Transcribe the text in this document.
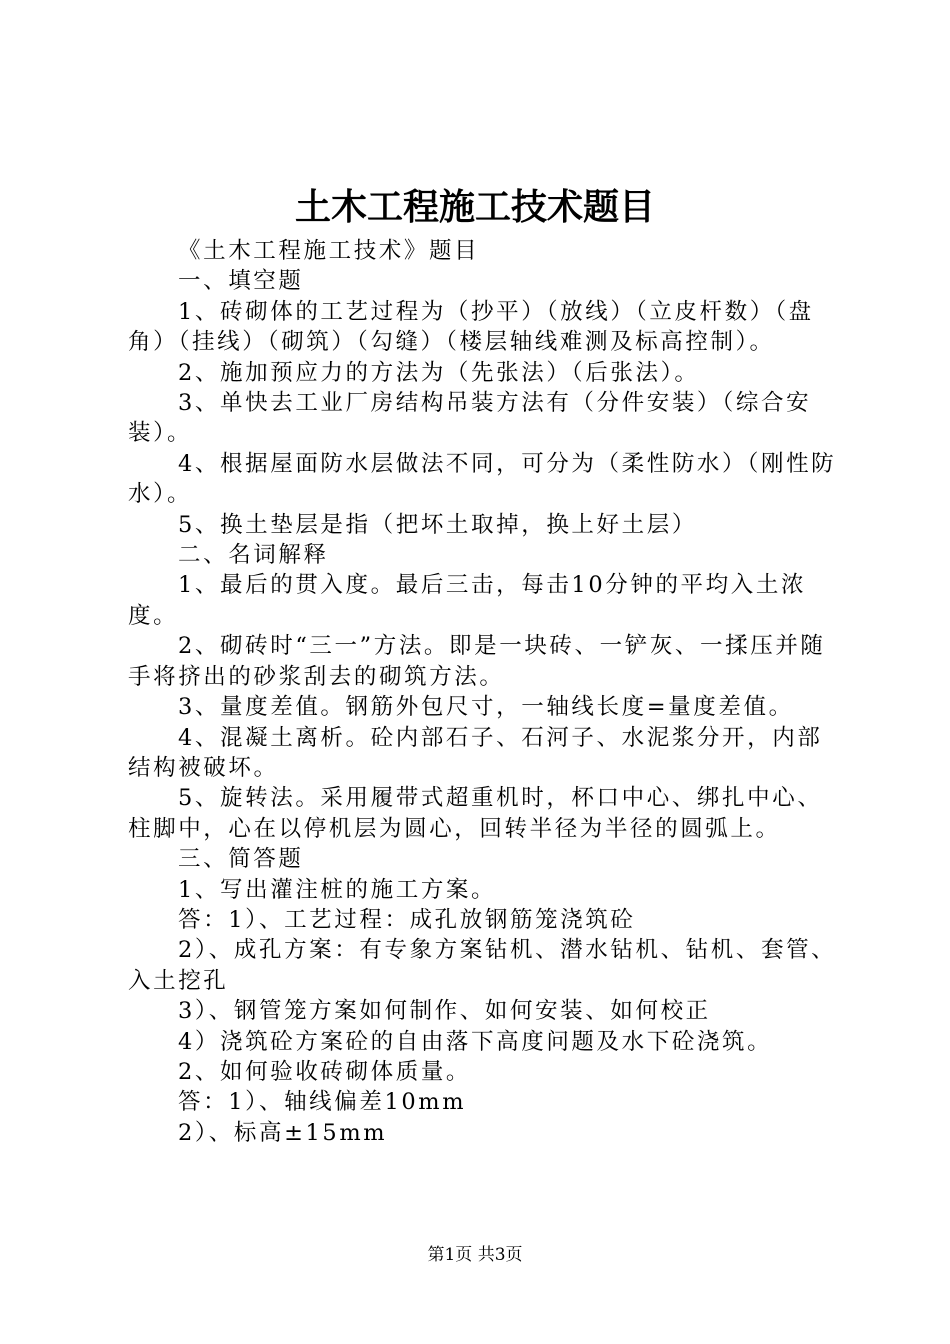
土木工程施工技术题目

《土木工程施工技术》题目

一、填空题

1、砖砌体的工艺过程为（抄平）（放线）（立皮杆数）（盘角）（挂线）（砌筑）（勾缝）（楼层轴线难测及标高控制）。

2、施加预应力的方法为（先张法）（后张法）。

3、单快去工业厂房结构吊装方法有（分件安装）（综合安装）。

4、根据屋面防水层做法不同，可分为（柔性防水）（刚性防水）。

5、换土垫层是指（把坏土取掉，换上好土层）

二、名词解释

1、最后的贯入度。最后三击，每击10分钟的平均入土浓度。

2、砌砖时“三一”方法。即是一块砖、一铲灰、一揉压并随手将挤出的砂浆刮去的砌筑方法。

3、量度差值。钢筋外包尺寸，一轴线长度=量度差值。

4、混凝土离析。砼内部石子、石河子、水泥浆分开，内部结构被破坏。

5、旋转法。采用履带式超重机时，杯口中心、绑扎中心、柱脚中，心在以停机层为圆心，回转半径为半径的圆弧上。

三、简答题

1、写出灌注桩的施工方案。

答：1）、工艺过程：成孔放钢筋笼浇筑砼

2）、成孔方案：有专象方案钻机、潜水钻机、钻机、套管、入土挖孔

3）、钢管笼方案如何制作、如何安装、如何校正

4）浇筑砼方案砼的自由落下高度问题及水下砼浇筑。

2、如何验收砖砌体质量。

答：1）、轴线偏差10mm

2）、标高±15mm

第1页 共3页
